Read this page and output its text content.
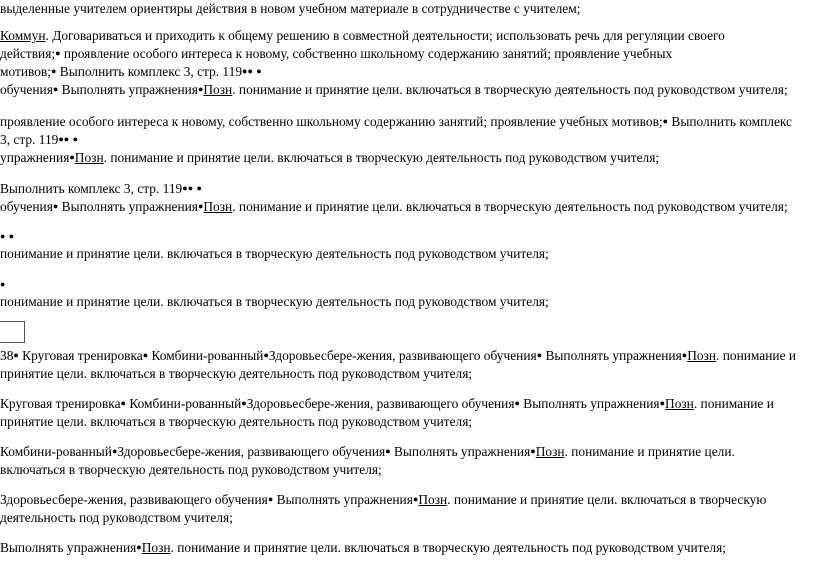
выделенные учителем ориентиры действия в новом учебном материале в сотрудничестве с учителем;
Коммун. Договариваться и приходить к общему решению в совместной деятельности; использовать речь для регуляции своего
действия;● проявление особого интереса к новому, собственно школьному содержанию занятий; проявление учебных
мотивов;● Выполнить комплекс 3, стр. 119●● ●
обучения● Выполнять упражнения●Позн. понимание и принятие цели. включаться в творческую деятельность под руководством учителя;
проявление особого интереса к новому, собственно школьному содержанию занятий; проявление учебных мотивов;● Выполнить комплекс
3, стр. 119●● ●
упражнения●Позн. понимание и принятие цели. включаться в творческую деятельность под руководством учителя;
Выполнить комплекс 3, стр. 119●● ●
обучения● Выполнять упражнения●Позн. понимание и принятие цели. включаться в творческую деятельность под руководством учителя;
● ●
понимание и принятие цели. включаться в творческую деятельность под руководством учителя;
●
понимание и принятие цели. включаться в творческую деятельность под руководством учителя;
38● Круговая тренировка● Комбини-рованный●Здоровьесбере-жения, развивающего обучения● Выполнять упражнения●Позн. понимание и
принятие цели. включаться в творческую деятельность под руководством учителя;
Круговая тренировка● Комбини-рованный●Здоровьесбере-жения, развивающего обучения● Выполнять упражнения●Позн. понимание и
принятие цели. включаться в творческую деятельность под руководством учителя;
Комбини-рованный●Здоровьесбере-жения, развивающего обучения● Выполнять упражнения●Позн. понимание и принятие цели.
включаться в творческую деятельность под руководством учителя;
Здоровьесбере-жения, развивающего обучения● Выполнять упражнения●Позн. понимание и принятие цели. включаться в творческую
деятельность под руководством учителя;
Выполнять упражнения●Позн. понимание и принятие цели. включаться в творческую деятельность под руководством учителя;
